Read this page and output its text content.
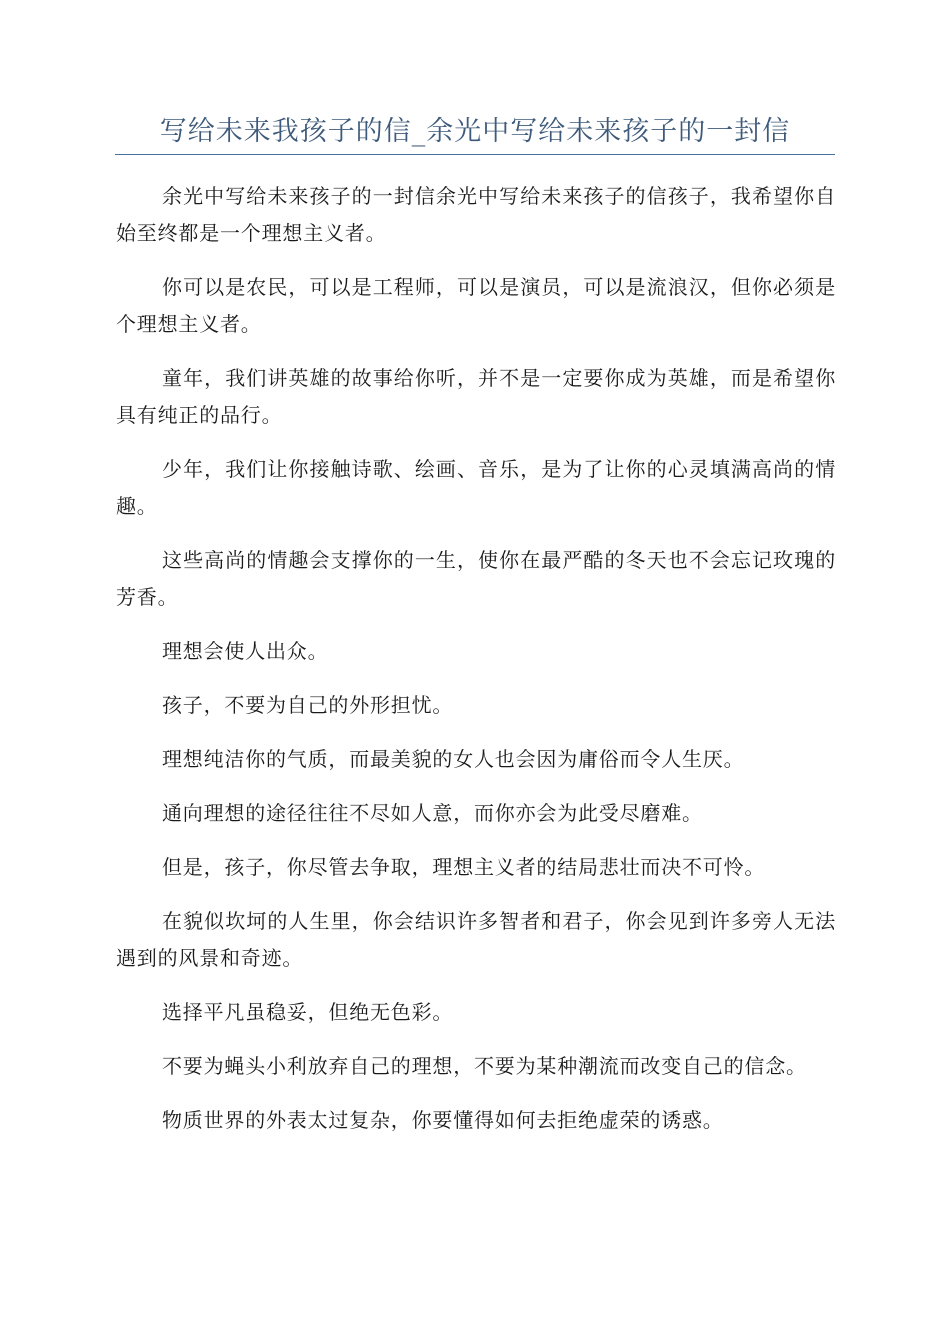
写给未来我孩子的信_余光中写给未来孩子的一封信

余光中写给未来孩子的一封信余光中写给未来孩子的信孩子，我希望你自始至终都是一个理想主义者。

你可以是农民，可以是工程师，可以是演员，可以是流浪汉，但你必须是个理想主义者。

童年，我们讲英雄的故事给你听，并不是一定要你成为英雄，而是希望你具有纯正的品行。

少年，我们让你接触诗歌、绘画、音乐，是为了让你的心灵填满高尚的情趣。

这些高尚的情趣会支撑你的一生，使你在最严酷的冬天也不会忘记玫瑰的芳香。

理想会使人出众。

孩子，不要为自己的外形担忧。

理想纯洁你的气质，而最美貌的女人也会因为庸俗而令人生厌。

通向理想的途径往往不尽如人意，而你亦会为此受尽磨难。

但是，孩子，你尽管去争取，理想主义者的结局悲壮而决不可怜。

在貌似坎坷的人生里，你会结识许多智者和君子，你会见到许多旁人无法遇到的风景和奇迹。

选择平凡虽稳妥，但绝无色彩。

不要为蝇头小利放弃自己的理想，不要为某种潮流而改变自己的信念。

物质世界的外表太过复杂，你要懂得如何去拒绝虚荣的诱惑。
